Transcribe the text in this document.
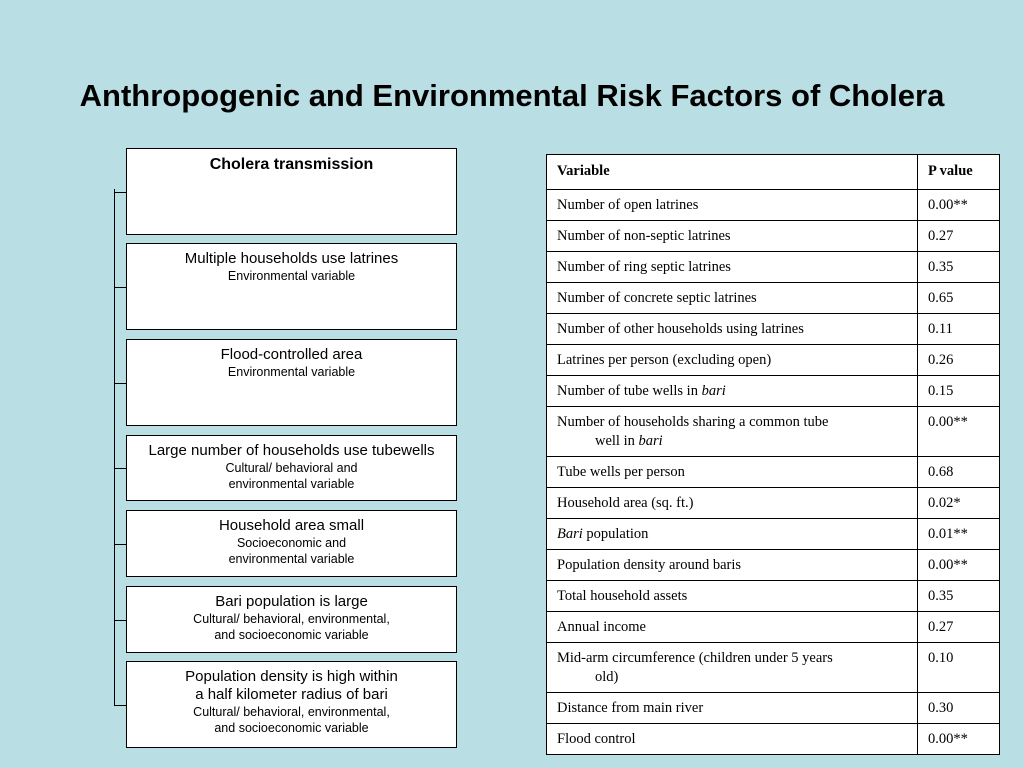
Anthropogenic and Environmental Risk Factors of Cholera
Cholera transmission
Multiple households use latrines
Environmental variable
Flood-controlled area
Environmental variable
Large number of households use tubewells
Cultural/ behavioral and
environmental variable
Household area small
Socioeconomic and
environmental variable
Bari population is large
Cultural/ behavioral, environmental,
and socioeconomic variable
Population density is high within
a half kilometer radius of bari
Cultural/ behavioral, environmental,
and socioeconomic variable
Variable	P value
Number of open latrines	0.00**
Number of non-septic latrines	0.27
Number of ring septic latrines	0.35
Number of concrete septic latrines	0.65
Number of other households using latrines	0.11
Latrines per person (excluding open)	0.26
Number of tube wells in bari	0.15
Number of households sharing a common tube
well in bari	0.00**
Tube wells per person	0.68
Household area (sq. ft.)	0.02*
Bari population	0.01**
Population density around baris	0.00**
Total household assets	0.35
Annual income	0.27
Mid-arm circumference (children under 5 years
old)	0.10
Distance from main river	0.30
Flood control	0.00**
